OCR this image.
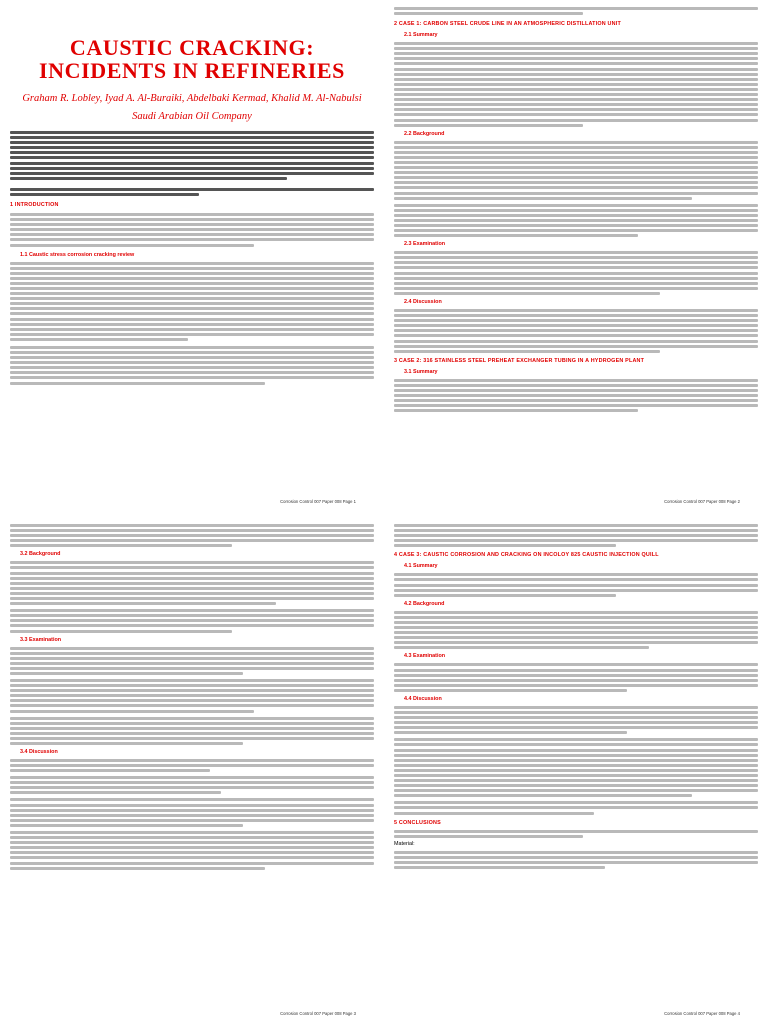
CAUSTIC CRACKING:
INCIDENTS IN REFINERIES
Graham R. Lobley, Iyad A. Al-Buraiki, Abdelbaki Kermad, Khalid M. Al-Nabulsi
Saudi Arabian Oil Company
1 INTRODUCTION
1.1 Caustic stress corrosion cracking review
Corrosion Control 007 Paper 008 Page 1
2 CASE 1: CARBON STEEL CRUDE LINE IN AN ATMOSPHERIC DISTILLATION UNIT
2.1 Summary
2.2 Background
2.3 Examination
2.4 Discussion
3 CASE 2: 316 STAINLESS STEEL PREHEAT EXCHANGER TUBING IN A HYDROGEN PLANT
3.1 Summary
Corrosion Control 007 Paper 008 Page 2
3.2 Background
3.3 Examination
3.4 Discussion
Corrosion Control 007 Paper 008 Page 3
4 CASE 3: CAUSTIC CORROSION AND CRACKING ON INCOLOY 825 CAUSTIC INJECTION QUILL
4.1 Summary
4.2 Background
4.3 Examination
4.4 Discussion
5 CONCLUSIONS
Material:
Corrosion Control 007 Paper 008 Page 4
